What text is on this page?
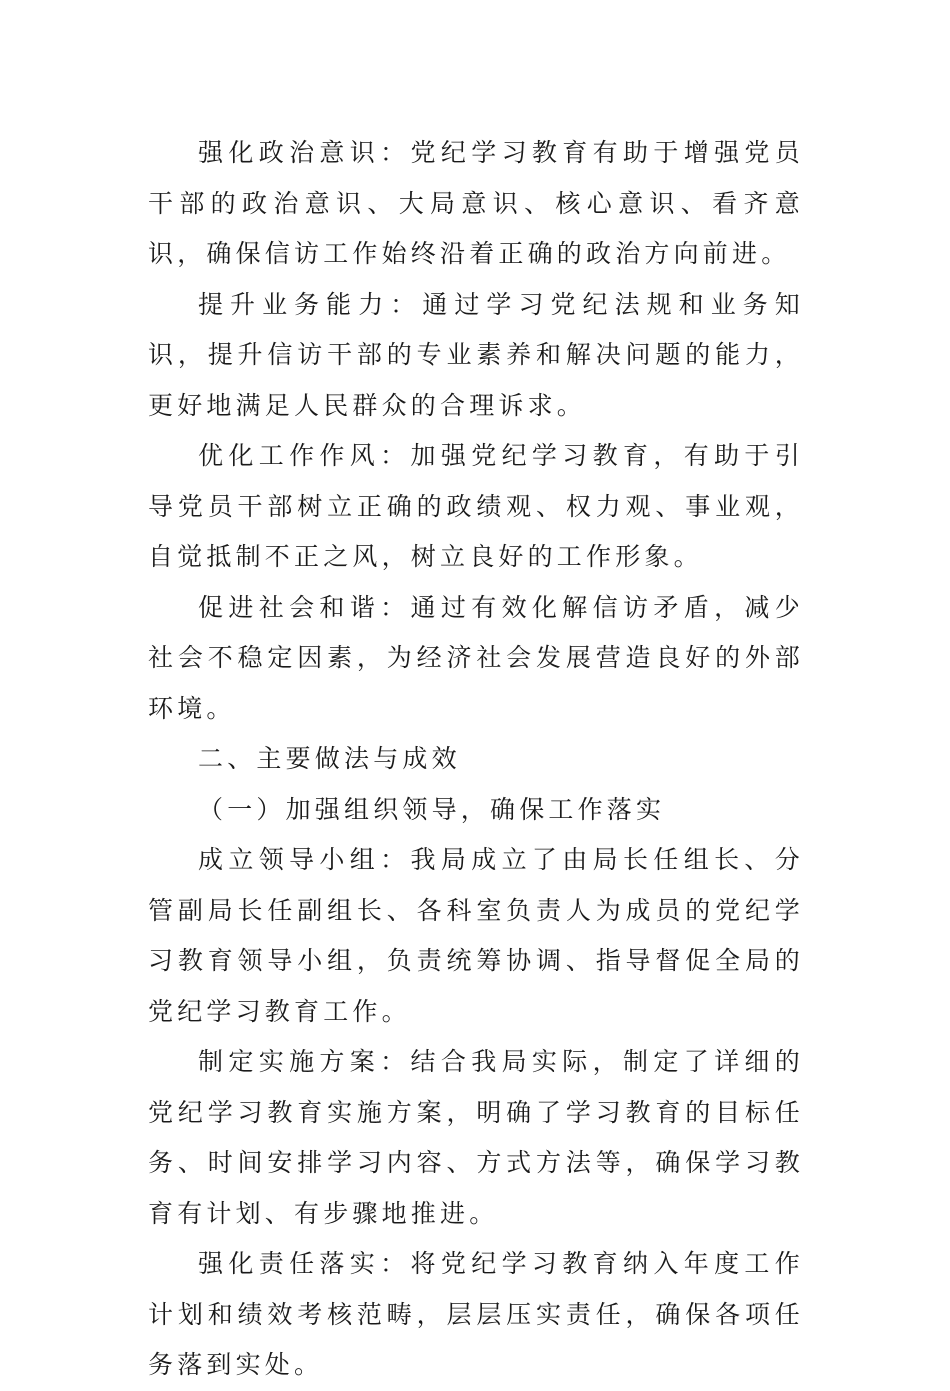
强化政治意识：党纪学习教育有助于增强党员干部的政治意识、大局意识、核心意识、看齐意识，确保信访工作始终沿着正确的政治方向前进。

提升业务能力：通过学习党纪法规和业务知识，提升信访干部的专业素养和解决问题的能力，更好地满足人民群众的合理诉求。

优化工作作风：加强党纪学习教育，有助于引导党员干部树立正确的政绩观、权力观、事业观，自觉抵制不正之风，树立良好的工作形象。

促进社会和谐：通过有效化解信访矛盾，减少社会不稳定因素，为经济社会发展营造良好的外部环境。

二、主要做法与成效

（一）加强组织领导，确保工作落实

成立领导小组：我局成立了由局长任组长、分管副局长任副组长、各科室负责人为成员的党纪学习教育领导小组，负责统筹协调、指导督促全局的党纪学习教育工作。

制定实施方案：结合我局实际，制定了详细的党纪学习教育实施方案，明确了学习教育的目标任务、时间安排学习内容、方式方法等，确保学习教育有计划、有步骤地推进。

强化责任落实：将党纪学习教育纳入年度工作计划和绩效考核范畴，层层压实责任，确保各项任务落到实处。
